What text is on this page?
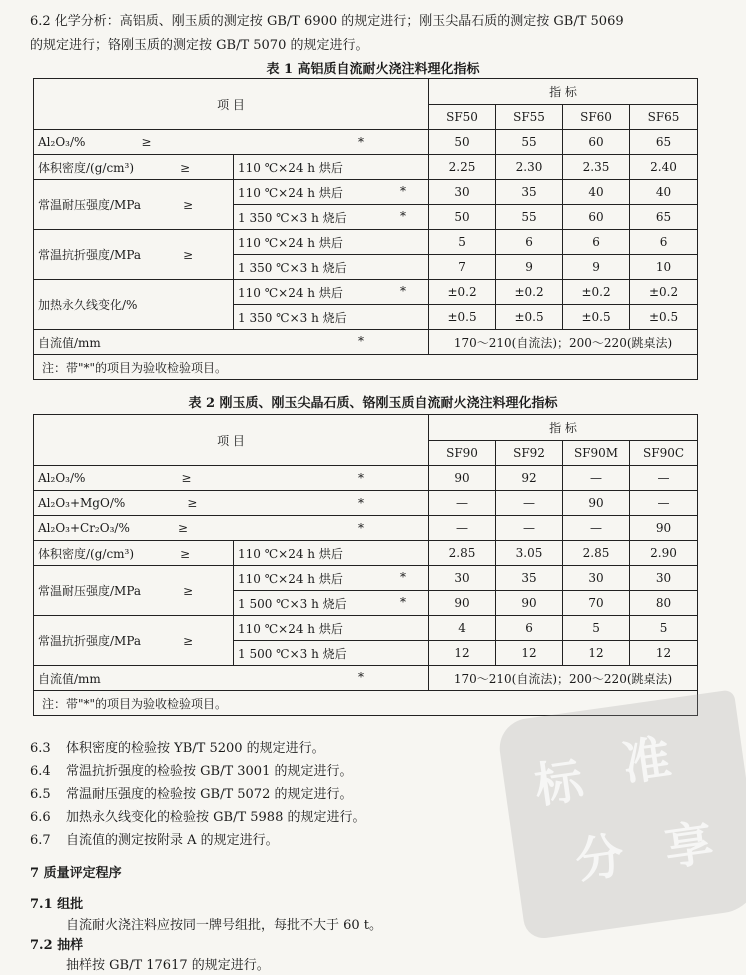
6.2 化学分析：高铝质、刚玉质的测定按 GB/T 6900 的规定进行；刚玉尖晶石质的测定按 GB/T 5069
的规定进行；铬刚玉质的测定按 GB/T 5070 的规定进行。
表 1 高铝质自流耐火浇注料理化指标
项 目		指 标			
		SF50	SF55	SF60	SF65
Al₂O₃/% ≥ *		50	55	60	65
体积密度/(g/cm³) ≥	110 ℃×24 h 烘后	2.25	2.30	2.35	2.40
常温耐压强度/MPa ≥	110 ℃×24 h 烘后 *	30	35	40	40
	1 350 ℃×3 h 烧后 *	50	55	60	65
常温抗折强度/MPa ≥	110 ℃×24 h 烘后	5	6	6	6
	1 350 ℃×3 h 烧后	7	9	9	10
加热永久线变化/%	110 ℃×24 h 烘后 *	±0.2	±0.2	±0.2	±0.2
	1 350 ℃×3 h 烧后	±0.5	±0.5	±0.5	±0.5
自流值/mm *		170～210(自流法)；200～220(跳桌法)			
注：带"*"的项目为验收检验项目。					
表 2 刚玉质、刚玉尖晶石质、铬刚玉质自流耐火浇注料理化指标
项 目		指 标			
		SF90	SF92	SF90M	SF90C
Al₂O₃/% ≥ *		90	92	—	—
Al₂O₃+MgO/% ≥ *		—	—	90	—
Al₂O₃+Cr₂O₃/% ≥ *		—	—	—	90
体积密度/(g/cm³) ≥	110 ℃×24 h 烘后	2.85	3.05	2.85	2.90
常温耐压强度/MPa ≥	110 ℃×24 h 烘后 *	30	35	30	30
	1 500 ℃×3 h 烧后 *	90	90	70	80
常温抗折强度/MPa ≥	110 ℃×24 h 烘后	4	6	5	5
	1 500 ℃×3 h 烧后	12	12	12	12
自流值/mm *		170～210(自流法)；200～220(跳桌法)			
注：带"*"的项目为验收检验项目。					
标 准
分 享
6.3 体积密度的检验按 YB/T 5200 的规定进行。
6.4 常温抗折强度的检验按 GB/T 3001 的规定进行。
6.5 常温耐压强度的检验按 GB/T 5072 的规定进行。
6.6 加热永久线变化的检验按 GB/T 5988 的规定进行。
6.7 自流值的测定按附录 A 的规定进行。
7 质量评定程序
7.1 组批
自流耐火浇注料应按同一牌号组批，每批不大于 60 t。
7.2 抽样
抽样按 GB/T 17617 的规定进行。
